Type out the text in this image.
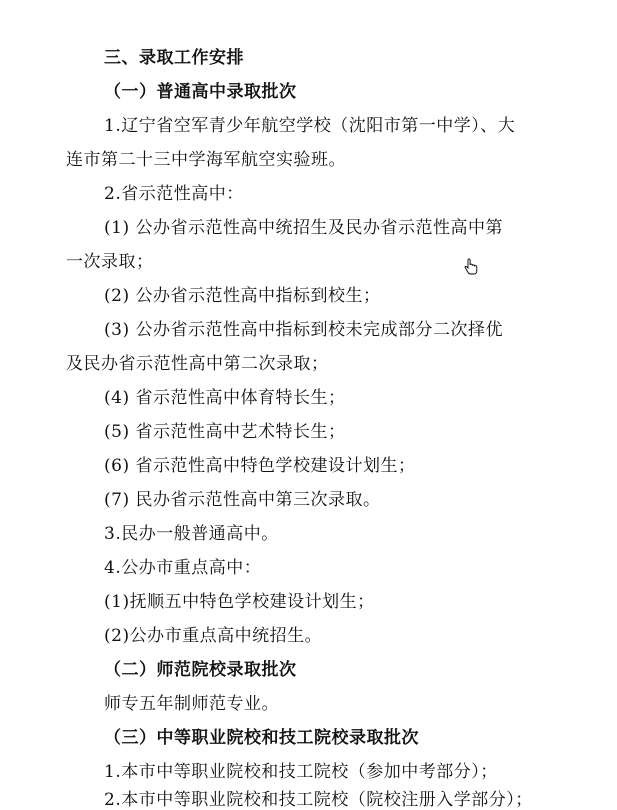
三、录取工作安排
（一）普通高中录取批次
1.辽宁省空军青少年航空学校（沈阳市第一中学）、大
连市第二十三中学海军航空实验班。
2.省示范性高中：
(1) 公办省示范性高中统招生及民办省示范性高中第
一次录取；
(2) 公办省示范性高中指标到校生；
(3) 公办省示范性高中指标到校未完成部分二次择优
及民办省示范性高中第二次录取；
(4) 省示范性高中体育特长生；
(5) 省示范性高中艺术特长生；
(6) 省示范性高中特色学校建设计划生；
(7) 民办省示范性高中第三次录取。
3.民办一般普通高中。
4.公办市重点高中：
(1)抚顺五中特色学校建设计划生；
(2)公办市重点高中统招生。
（二）师范院校录取批次
师专五年制师范专业。
（三）中等职业院校和技工院校录取批次
1.本市中等职业院校和技工院校（参加中考部分）；
2.本市中等职业院校和技工院校（院校注册入学部分）；
